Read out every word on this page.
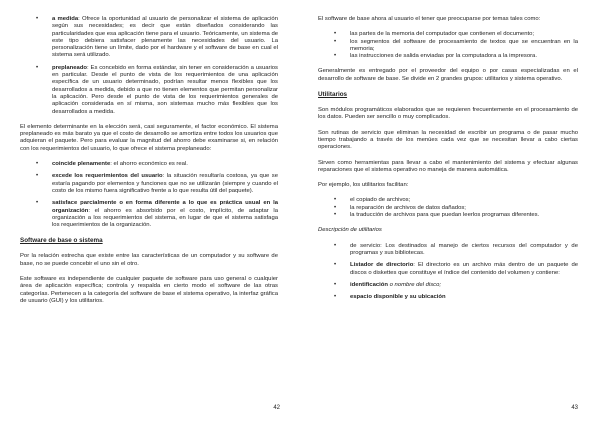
• a medida: Ofrece la oportunidad al usuario de personalizar el sistema de aplicación según sus necesidades; es decir que están diseñados considerando las particularidades que esa aplicación tiene para el usuario. Teóricamente, un sistema de este tipo debiera satisfacer plenamente las necesidades del usuario. La personalización tiene un límite, dado por el hardware y el software de base en cual el sistema será utilizado.
• preplaneado: Es concebido en forma estándar, sin tener en consideración a usuarios en particular. Desde el punto de vista de los requerimientos de una aplicación específica de un usuario determinado, podrían resultar menos flexibles que los desarrollados a medida, debido a que no tienen elementos que permitan personalizar la aplicación. Pero desde el punto de vista de los requerimientos generales de aplicación considerada en sí misma, son sistemas mucho más flexibles que los desarrollados a medida.

El elemento determinante en la elección será, casi seguramente, el factor económico. El sistema preplaneado es más barato ya que el costo de desarrollo se amortiza entre todos los usuarios que adquieran el paquete. Pero para evaluar la magnitud del ahorro debe examinarse si, en relación con los requerimientos del usuario, lo que ofrece el sistema preplaneado:

• coincide plenamente: el ahorro económico es real.
• excede los requerimientos del usuario: la situación resultaría costosa, ya que se estaría pagando por elementos y funciones que no se utilizarán (siempre y cuando el costo de los mismo fuera significativo frente a lo que resulta útil del paquete).
• satisface parcialmente o en forma diferente a lo que es práctica usual en la organización: el ahorro es absorbido por el costo, implícito, de adaptar la organización a los requerimientos del sistema, en lugar de que el sistema satisfaga los requerimientos de la organización.
Software de base o sistema

Por la relación estrecha que existe entre las características de un computador y su software de base, no se puede concebir el uno sin el otro.

Este software es independiente de cualquier paquete de software para uso general o cualquier área de aplicación específica; controla y respalda en cierto modo el software de las otras categorías. Pertenecen a la categoría del software de base el sistema operativo, la interfaz gráfica de usuario (GUI) y los utilitarios.

42

El software de base ahora al usuario el tener que preocuparse por temas tales como:

• las partes de la memoria del computador que contienen el documento;
• los segmentos del software de procesamiento de textos que se encuentran en la memoria;
• las instrucciones de salida enviadas por la computadora a la impresora.

Generalmente es entregado por el proveedor del equipo o por casas especializadas en el desarrollo de software de base. Se divide en 2 grandes grupos: utilitarios y sistema operativo.

Utilitarios

Son módulos programáticos elaborados que se requieren frecuentemente en el procesamiento de los datos. Pueden ser sencillo o muy complicados.

Son rutinas de servicio que eliminan la necesidad de escribir un programa o de pasar mucho tiempo trabajando a través de los menúes cada vez que se necesitan llevar a cabo ciertas operaciones.

Sirven como herramientas para llevar a cabo el mantenimiento del sistema y efectuar algunas reparaciones que el sistema operativo no maneja de manera automática.

Por ejemplo, los utilitarios facilitan:

• el copiado de archivos;
• la reparación de archivos de datos dañados;
• la traducción de archivos para que puedan leerlos programas diferentes.

Descripción de utilitarios

• de servicio: Los destinados al manejo de ciertos recursos del computador y de programas y sus bibliotecas.
• Listador de directorio: El directorio es un archivo más dentro de un paquete de discos o diskettes que constituye el índice del contenido del volumen y contiene:
• identificación o nombre del disco;
• espacio disponible y su ubicación
43
